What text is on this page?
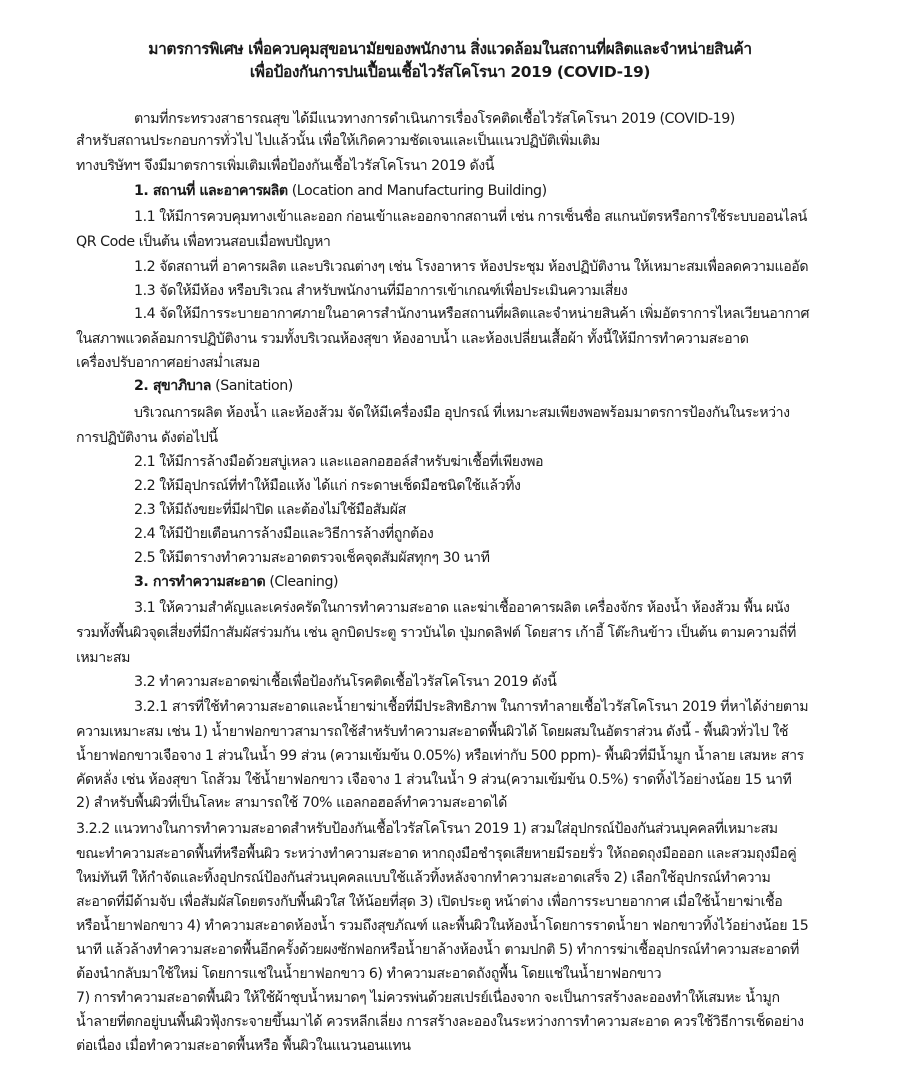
มาตรการพิเศษ เพื่อควบคุมสุขอนามัยของพนักงาน สิ่งแวดล้อมในสถานที่ผลิตและจำหน่ายสินค้า
เพื่อป้องกันการปนเปื้อนเชื้อไวรัสโคโรนา 2019 (COVID-19)
ตามที่กระทรวงสาธารณสุข ได้มีแนวทางการดำเนินการเรื่องโรคติดเชื้อไวรัสโคโรนา 2019 (COVID-19)
สำหรับสถานประกอบการทั่วไป ไปแล้วนั้น เพื่อให้เกิดความชัดเจนและเป็นแนวปฏิบัติเพิ่มเติม
ทางบริษัทฯ จึงมีมาตรการเพิ่มเติมเพื่อป้องกันเชื้อไวรัสโคโรนา 2019 ดังนี้
1. สถานที่ และอาคารผลิต (Location and Manufacturing Building)
1.1 ให้มีการควบคุมทางเข้าและออก ก่อนเข้าและออกจากสถานที่ เช่น การเซ็นชื่อ สแกนบัตรหรือการใช้ระบบออนไลน์
QR Code เป็นต้น เพื่อทวนสอบเมื่อพบปัญหา
1.2 จัดสถานที่ อาคารผลิต และบริเวณต่างๆ เช่น โรงอาหาร ห้องประชุม ห้องปฏิบัติงาน ให้เหมาะสมเพื่อลดความแออัด
1.3 จัดให้มีห้อง หรือบริเวณ สำหรับพนักงานที่มีอาการเข้าเกณฑ์เพื่อประเมินความเสี่ยง
1.4 จัดให้มีการระบายอากาศภายในอาคารสำนักงานหรือสถานที่ผลิตและจำหน่ายสินค้า เพิ่มอัตราการไหลเวียนอากาศ
ในสภาพแวดล้อมการปฏิบัติงาน รวมทั้งบริเวณห้องสุขา ห้องอาบน้ำ และห้องเปลี่ยนเสื้อผ้า ทั้งนี้ให้มีการทำความสะอาด
เครื่องปรับอากาศอย่างสม่ำเสมอ
2. สุขาภิบาล (Sanitation)
บริเวณการผลิต ห้องน้ำ และห้องส้วม จัดให้มีเครื่องมือ อุปกรณ์ ที่เหมาะสมเพียงพอพร้อมมาตรการป้องกันในระหว่าง
การปฏิบัติงาน ดังต่อไปนี้
2.1 ให้มีการล้างมือด้วยสบู่เหลว และแอลกอฮอล์สำหรับฆ่าเชื้อที่เพียงพอ
2.2 ให้มีอุปกรณ์ที่ทำให้มือแห้ง ได้แก่ กระดาษเช็ดมือชนิดใช้แล้วทิ้ง
2.3 ให้มีถังขยะที่มีฝาปิด และต้องไม่ใช้มือสัมผัส
2.4 ให้มีป้ายเตือนการล้างมือและวิธีการล้างที่ถูกต้อง
2.5 ให้มีตารางทำความสะอาดตรวจเช็คจุดสัมผัสทุกๆ 30 นาที
3. การทำความสะอาด (Cleaning)
3.1 ให้ความสำคัญและเคร่งครัดในการทำความสะอาด และฆ่าเชื้ออาคารผลิต เครื่องจักร ห้องน้ำ ห้องส้วม พื้น ผนัง
รวมทั้งพื้นผิวจุดเสี่ยงที่มีกาสัมผัสร่วมกัน เช่น ลูกบิดประตู ราวบันได ปุ่มกดลิฟต์ โดยสาร เก้าอี้ โต๊ะกินข้าว เป็นต้น ตามความถี่ที่
เหมาะสม
3.2 ทำความสะอาดฆ่าเชื้อเพื่อป้องกันโรคติดเชื้อไวรัสโคโรนา 2019 ดังนี้
3.2.1 สารที่ใช้ทำความสะอาดและน้ำยาฆ่าเชื้อที่มีประสิทธิภาพ ในการทำลายเชื้อไวรัสโคโรนา 2019 ที่หาได้ง่ายตาม
ความเหมาะสม เช่น 1) น้ำยาฟอกขาวสามารถใช้สำหรับทำความสะอาดพื้นผิวได้ โดยผสมในอัตราส่วน ดังนี้ - พื้นผิวทั่วไป ใช้
น้ำยาฟอกขาวเจือจาง 1 ส่วนในน้ำ 99 ส่วน (ความเข้มข้น 0.05%) หรือเท่ากับ 500 ppm)- พื้นผิวที่มีน้ำมูก น้ำลาย เสมหะ สาร
คัดหลั่ง เช่น ห้องสุขา โถส้วม ใช้น้ำยาฟอกขาว เจือจาง 1 ส่วนในน้ำ 9 ส่วน(ความเข้มข้น 0.5%) ราดทิ้งไว้อย่างน้อย 15 นาที
2) สำหรับพื้นผิวที่เป็นโลหะ สามารถใช้ 70% แอลกอฮอล์ทำความสะอาดได้
3.2.2 แนวทางในการทำความสะอาดสำหรับป้องกันเชื้อไวรัสโคโรนา 2019 1) สวมใส่อุปกรณ์ป้องกันส่วนบุคคลที่เหมาะสม
ขณะทำความสะอาดพื้นที่หรือพื้นผิว ระหว่างทำความสะอาด หากถุงมือชำรุดเสียหายมีรอยรั่ว ให้ถอดถุงมือออก และสวมถุงมือคู่
ใหม่ทันที ให้กำจัดและทิ้งอุปกรณ์ป้องกันส่วนบุคคลแบบใช้แล้วทิ้งหลังจากทำความสะอาดเสร็จ 2) เลือกใช้อุปกรณ์ทำความ
สะอาดที่มีด้ามจับ เพื่อสัมผัสโดยตรงกับพื้นผิวใส ให้น้อยที่สุด 3) เปิดประตู หน้าต่าง เพื่อการระบายอากาศ เมื่อใช้น้ำยาฆ่าเชื้อ
หรือน้ำยาฟอกขาว 4) ทำความสะอาดห้องน้ำ รวมถึงสุขภัณฑ์ และพื้นผิวในห้องน้ำโดยการราดน้ำยา ฟอกขาวทิ้งไว้อย่างน้อย 15
นาที แล้วล้างทำความสะอาดพื้นอีกครั้งด้วยผงซักฟอกหรือน้ำยาล้างห้องน้ำ ตามปกติ 5) ทำการฆ่าเชื้ออุปกรณ์ทำความสะอาดที่
ต้องนำกลับมาใช้ใหม่ โดยการแช่ในน้ำยาฟอกขาว 6) ทำความสะอาดถังถูพื้น โดยแช่ในน้ำยาฟอกขาว
7) การทำความสะอาดพื้นผิว ให้ใช้ผ้าชุบน้ำหมาดๆ ไม่ควรพ่นด้วยสเปรย์เนื่องจาก จะเป็นการสร้างละอองทำให้เสมหะ น้ำมูก
น้ำลายที่ตกอยู่บนพื้นผิวฟุ้งกระจายขึ้นมาได้ ควรหลีกเลี่ยง การสร้างละอองในระหว่างการทำความสะอาด ควรใช้วิธีการเช็ดอย่าง
ต่อเนื่อง เมื่อทำความสะอาดพื้นหรือ พื้นผิวในแนวนอนแทน
